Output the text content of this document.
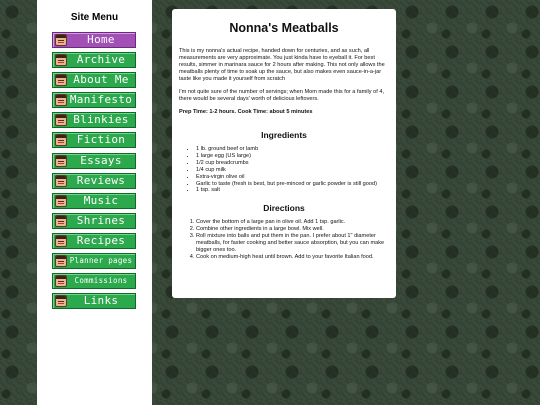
Site Menu
Home
Archive
About Me
Manifesto
Blinkies
Fiction
Essays
Reviews
Music
Shrines
Recipes
Planner pages
Commissions
Links
Nonna's Meatballs

This is my nonna's actual recipe, handed down for centuries, and as such, all measurements are very approximate. You just kinda have to eyeball it. For best results, simmer in marinara sauce for 2 hours after making. This not only allows the meatballs plenty of time to soak up the sauce, but also makes even sauce-in-a-jar taste like you made it yourself from scratch

I'm not quite sure of the number of servings; when Mom made this for a family of 4, there would be several days' worth of delicious leftovers.

Prep Time: 1-2 hours. Cook Time: about 5 minutes

Ingredients
• 1 lb. ground beef or lamb
• 1 large egg (US large)
• 1/2 cup breadcrumbs
• 1/4 cup milk
• Extra-virgin olive oil
• Garlic to taste (fresh is best, but pre-minced or garlic powder is still good)
• 1 tsp. salt
Directions
1. Cover the bottom of a large pan in olive oil. Add 1 tsp. garlic.
2. Combine other ingredients in a large bowl. Mix well.
3. Roll mixture into balls and put them in the pan. I prefer about 1" diameter meatballs, for faster cooking and better sauce absorption, but you can make bigger ones too.
4. Cook on medium-high heat until brown. Add to your favorite Italian food.
